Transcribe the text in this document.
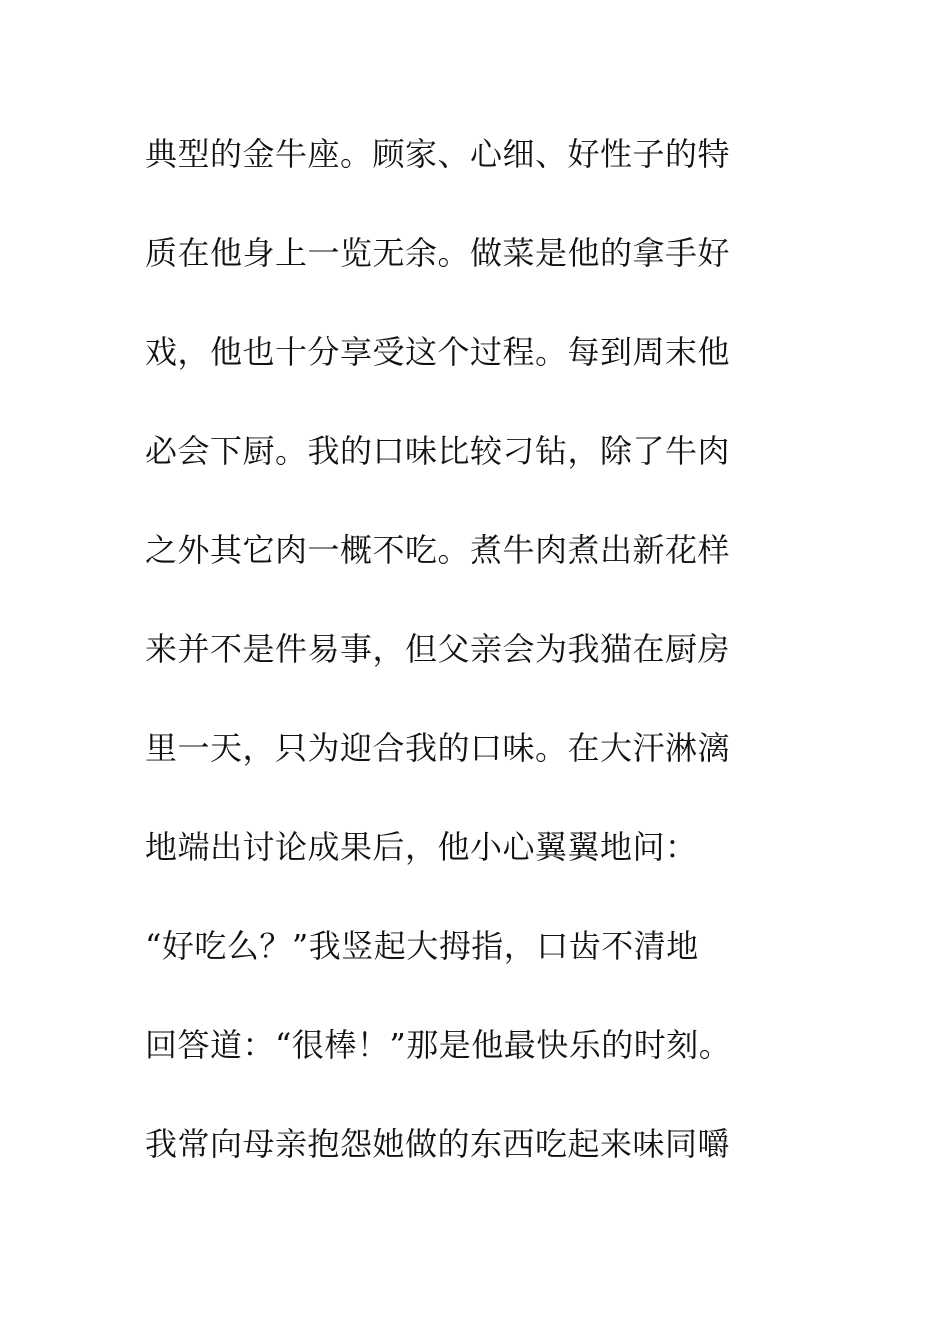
典型的金牛座。顾家、心细、好性子的特
质在他身上一览无余。做菜是他的拿手好
戏，他也十分享受这个过程。每到周末他
必会下厨。我的口味比较刁钻，除了牛肉
之外其它肉一概不吃。煮牛肉煮出新花样
来并不是件易事，但父亲会为我猫在厨房
里一天，只为迎合我的口味。在大汗淋漓
地端出讨论成果后，他小心翼翼地问：
“好吃么？”我竖起大拇指，口齿不清地
回答道：“很棒！”那是他最快乐的时刻。
我常向母亲抱怨她做的东西吃起来味同嚼
